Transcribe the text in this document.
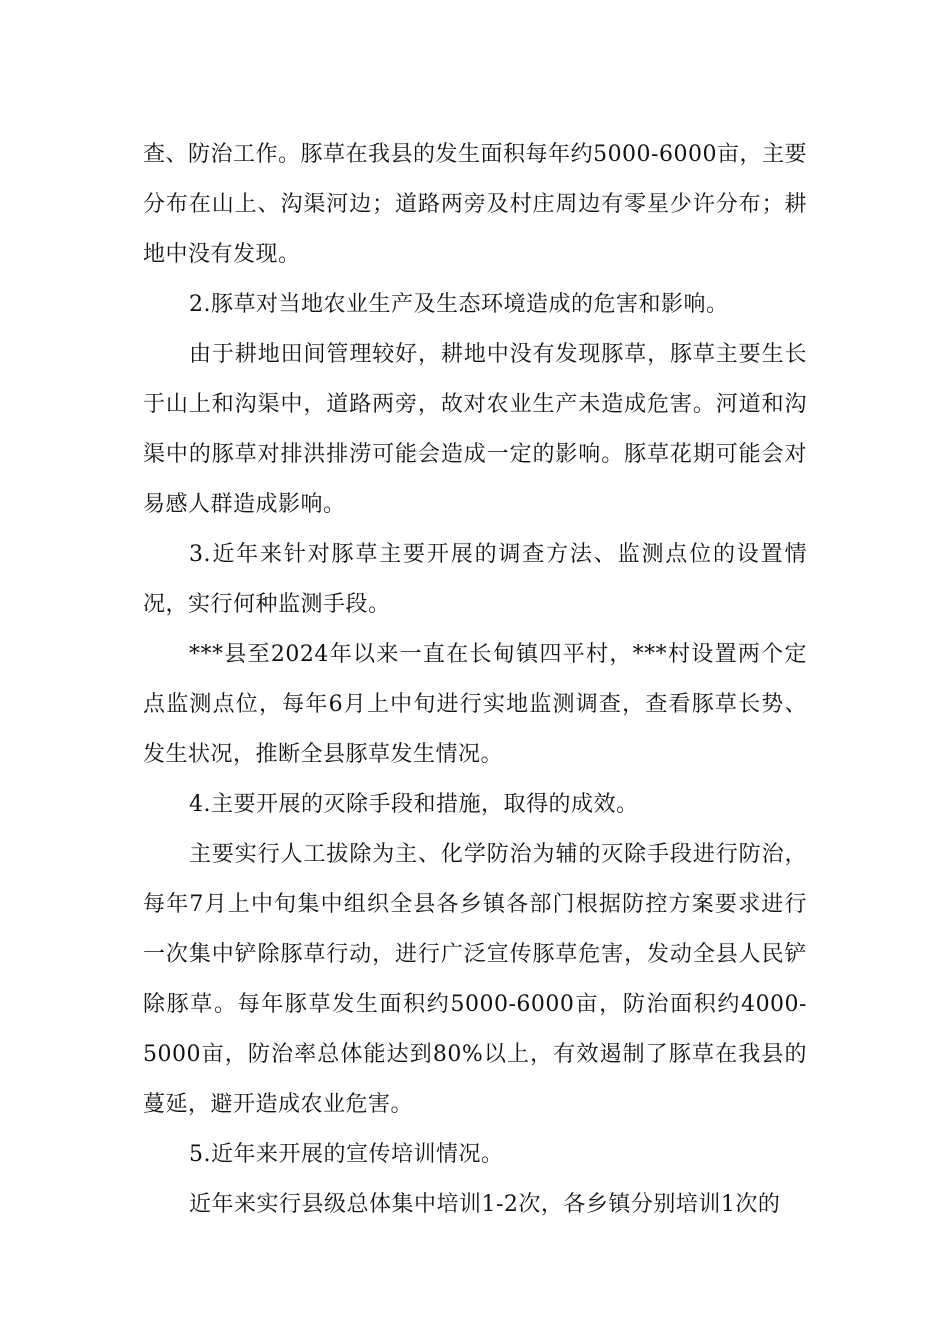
查、防治工作。豚草在我县的发生面积每年约5000-6000亩，主要分布在山上、沟渠河边；道路两旁及村庄周边有零星少许分布；耕地中没有发现。

2.豚草对当地农业生产及生态环境造成的危害和影响。

由于耕地田间管理较好，耕地中没有发现豚草，豚草主要生长于山上和沟渠中，道路两旁，故对农业生产未造成危害。河道和沟渠中的豚草对排洪排涝可能会造成一定的影响。豚草花期可能会对易感人群造成影响。

3.近年来针对豚草主要开展的调查方法、监测点位的设置情况，实行何种监测手段。

***县至2024年以来一直在长甸镇四平村，***村设置两个定点监测点位，每年6月上中旬进行实地监测调查，查看豚草长势、发生状况，推断全县豚草发生情况。

4.主要开展的灭除手段和措施，取得的成效。

主要实行人工拔除为主、化学防治为辅的灭除手段进行防治，每年7月上中旬集中组织全县各乡镇各部门根据防控方案要求进行一次集中铲除豚草行动，进行广泛宣传豚草危害，发动全县人民铲除豚草。每年豚草发生面积约5000-6000亩，防治面积约4000-5000亩，防治率总体能达到80%以上，有效遏制了豚草在我县的蔓延，避开造成农业危害。

5.近年来开展的宣传培训情况。

近年来实行县级总体集中培训1-2次，各乡镇分别培训1次的
